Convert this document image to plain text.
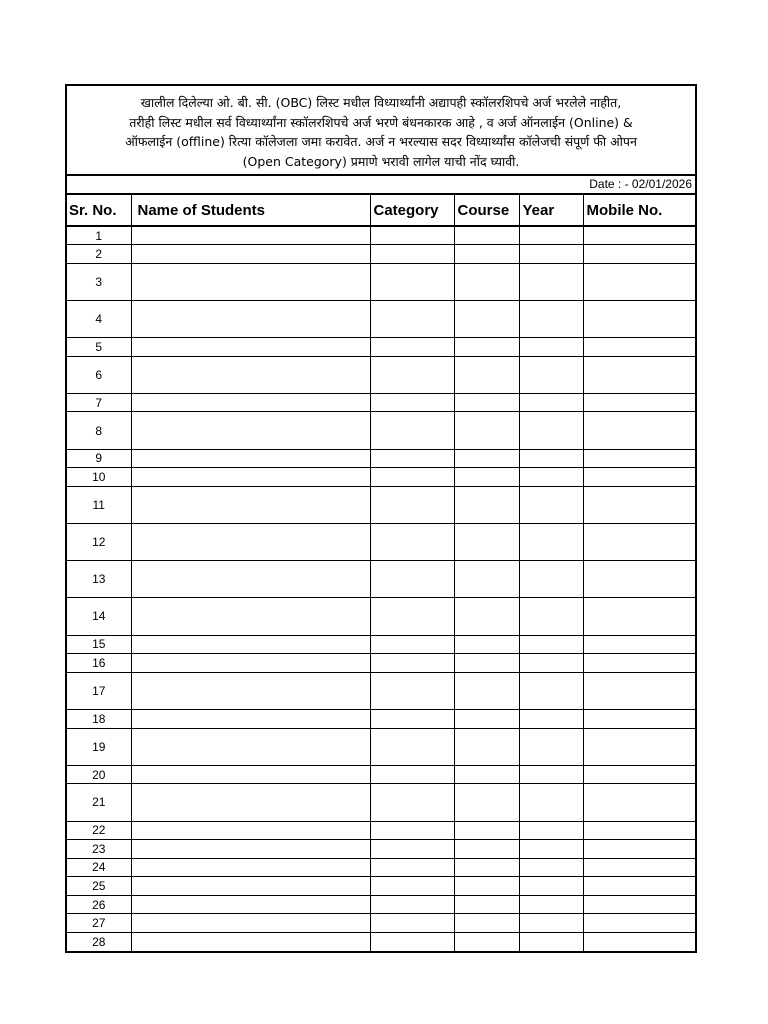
खालील दिलेल्या ओ. बी. सी. (OBC) लिस्ट मधील विध्यार्थ्यांनी अद्यापही स्कॉलरशिपचे अर्ज भरलेले नाहीत,
तरीही लिस्ट मधील सर्व विध्यार्थ्यांना स्कॉलरशिपचे अर्ज भरणे बंधनकारक आहे , व अर्ज ऑनलाईन (Online) &
ऑफलाईन (offline) रित्या कॉलेजला जमा करावेत. अर्ज न भरल्यास सदर विध्यार्थ्यांस कॉलेजची संपूर्ण फी ओपन
(Open Category) प्रमाणे भरावी लागेल याची नोंद घ्यावी.
Date : - 02/01/2026
Sr. No.	Name of Students	Category	Course	Year	Mobile No.
1					
2					
3					
4					
5					
6					
7					
8					
9					
10					
11					
12					
13					
14					
15					
16					
17					
18					
19					
20					
21					
22					
23					
24					
25					
26					
27					
28					
